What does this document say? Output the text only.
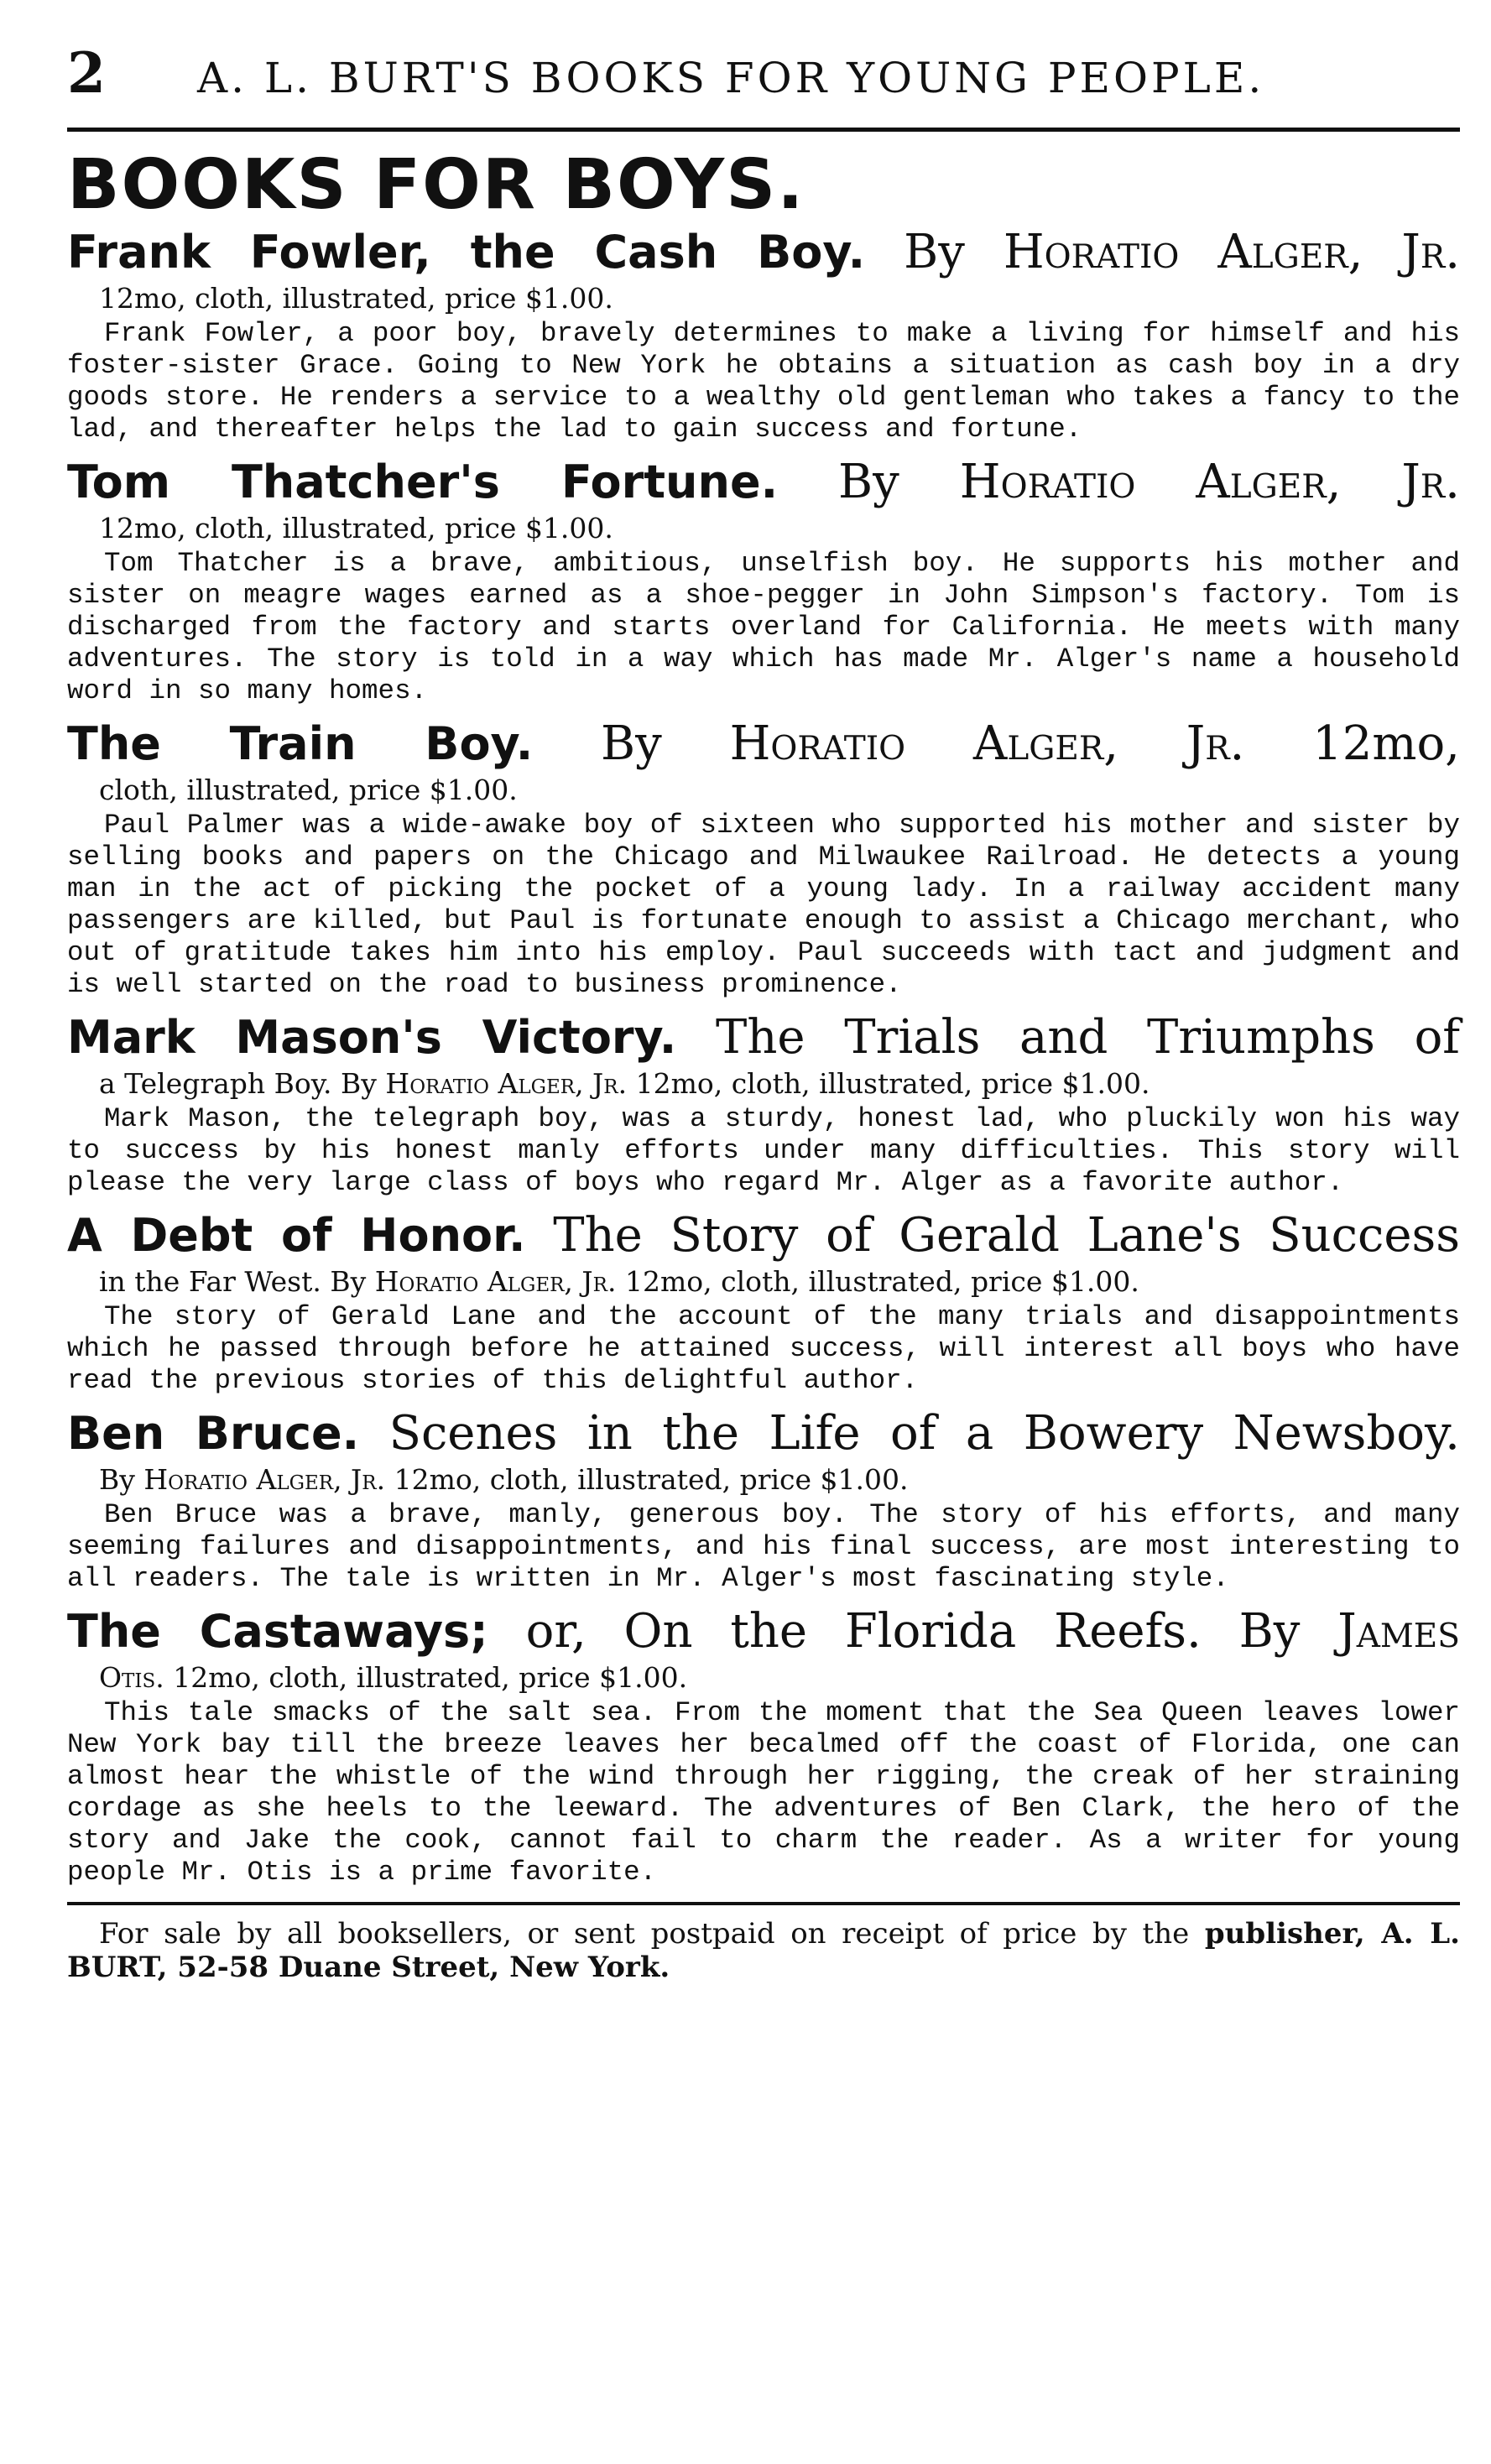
2	A. L. BURT'S BOOKS FOR YOUNG PEOPLE.
BOOKS FOR BOYS.
Frank Fowler, the Cash Boy. By Horatio Alger, Jr.
12mo, cloth, illustrated, price $1.00.

Frank Fowler, a poor boy, bravely determines to make a living for himself and his foster-sister Grace. Going to New York he obtains a situation as cash boy in a dry goods store. He renders a service to a wealthy old gentleman who takes a fancy to the lad, and thereafter helps the lad to gain success and fortune.

Tom Thatcher's Fortune. By Horatio Alger, Jr.
12mo, cloth, illustrated, price $1.00.

Tom Thatcher is a brave, ambitious, unselfish boy. He supports his mother and sister on meagre wages earned as a shoe-pegger in John Simpson's factory. Tom is discharged from the factory and starts overland for California. He meets with many adventures. The story is told in a way which has made Mr. Alger's name a household word in so many homes.

The Train Boy. By Horatio Alger, Jr. 12mo,
cloth, illustrated, price $1.00.

Paul Palmer was a wide-awake boy of sixteen who supported his mother and sister by selling books and papers on the Chicago and Milwaukee Railroad. He detects a young man in the act of picking the pocket of a young lady. In a railway accident many passengers are killed, but Paul is fortunate enough to assist a Chicago merchant, who out of gratitude takes him into his employ. Paul succeeds with tact and judgment and is well started on the road to business prominence.

Mark Mason's Victory. The Trials and Triumphs of
a Telegraph Boy. By Horatio Alger, Jr. 12mo, cloth, illustrated, price $1.00.

Mark Mason, the telegraph boy, was a sturdy, honest lad, who pluckily won his way to success by his honest manly efforts under many difficulties. This story will please the very large class of boys who regard Mr. Alger as a favorite author.

A Debt of Honor. The Story of Gerald Lane's Success
in the Far West. By Horatio Alger, Jr. 12mo, cloth, illustrated, price $1.00.

The story of Gerald Lane and the account of the many trials and disappointments which he passed through before he attained success, will interest all boys who have read the previous stories of this delightful author.

Ben Bruce. Scenes in the Life of a Bowery Newsboy.
By Horatio Alger, Jr. 12mo, cloth, illustrated, price $1.00.

Ben Bruce was a brave, manly, generous boy. The story of his efforts, and many seeming failures and disappointments, and his final success, are most interesting to all readers. The tale is written in Mr. Alger's most fascinating style.

The Castaways; or, On the Florida Reefs. By James
Otis. 12mo, cloth, illustrated, price $1.00.

This tale smacks of the salt sea. From the moment that the Sea Queen leaves lower New York bay till the breeze leaves her becalmed off the coast of Florida, one can almost hear the whistle of the wind through her rigging, the creak of her straining cordage as she heels to the leeward. The adventures of Ben Clark, the hero of the story and Jake the cook, cannot fail to charm the reader. As a writer for young people Mr. Otis is a prime favorite.

For sale by all booksellers, or sent postpaid on receipt of price by the publisher, A. L. BURT, 52-58 Duane Street, New York.
